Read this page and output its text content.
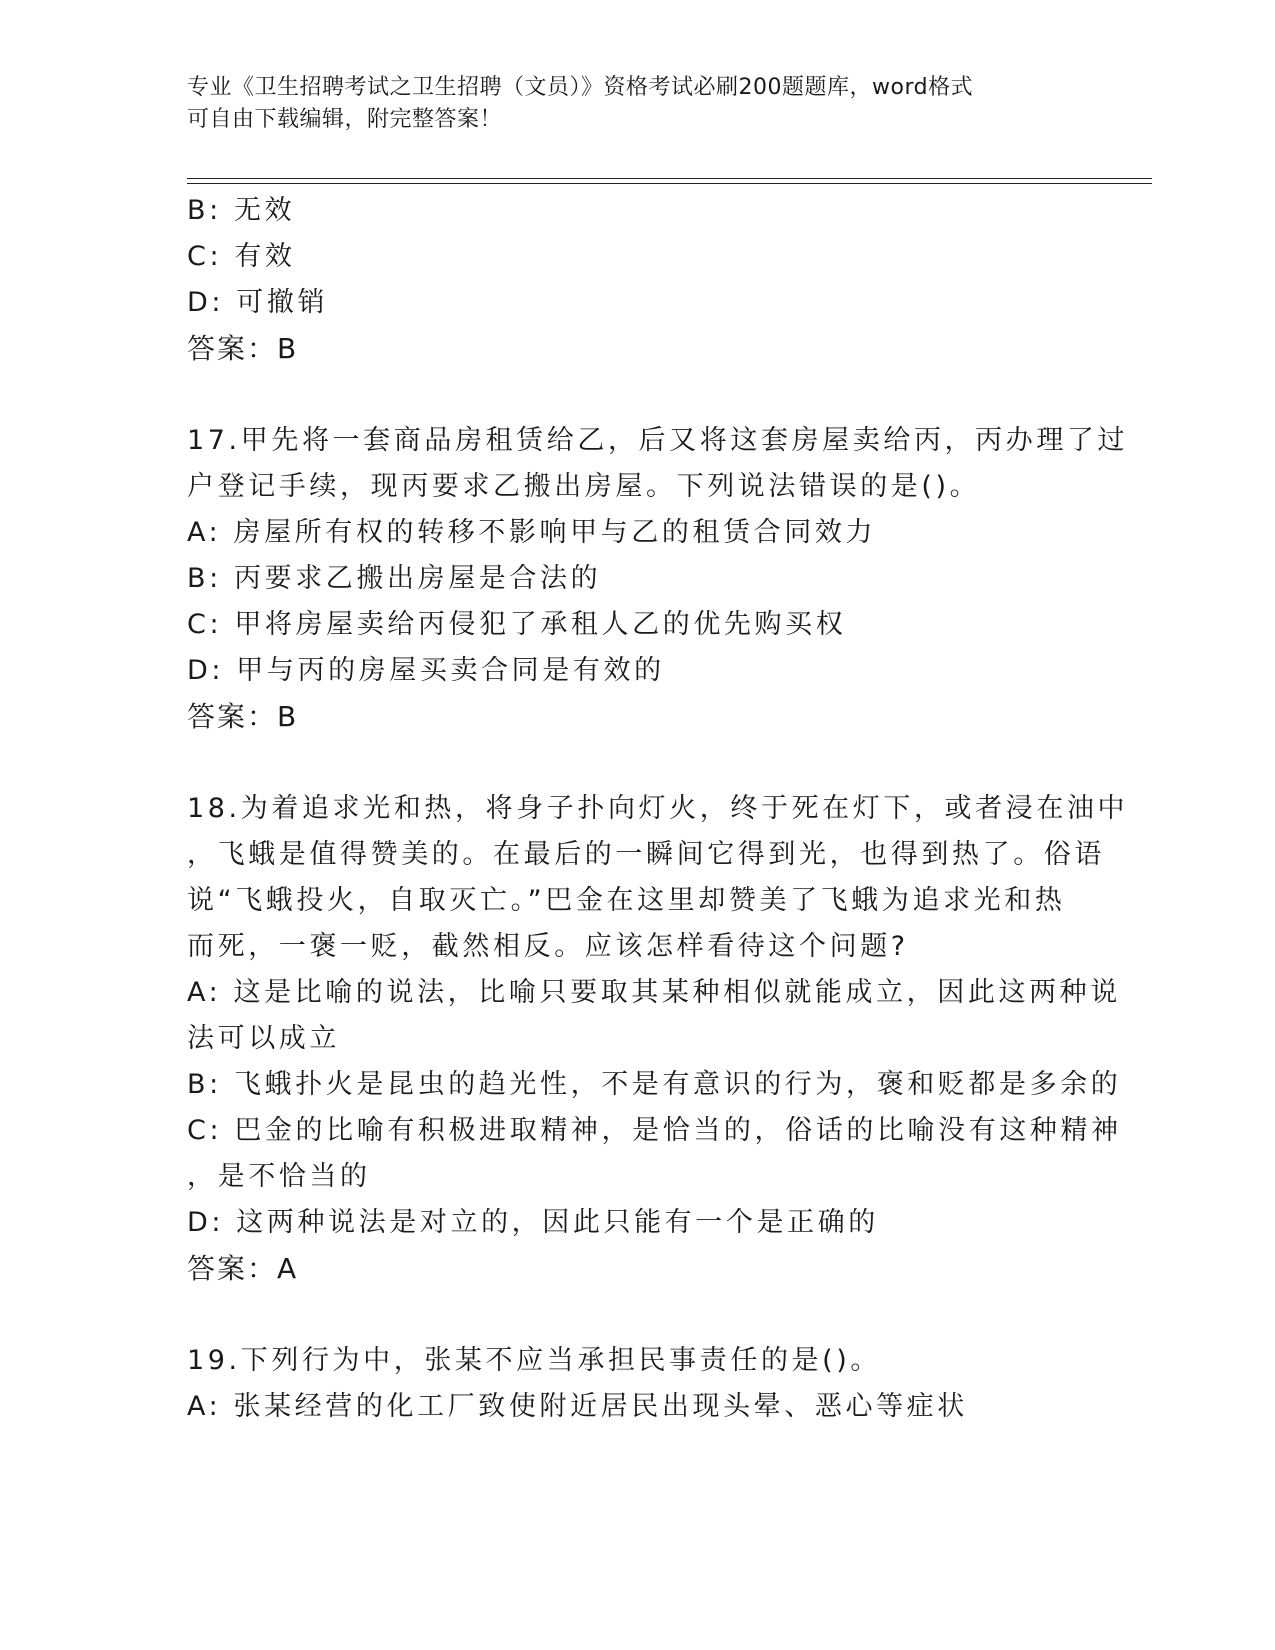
专业《卫生招聘考试之卫生招聘（文员）》资格考试必刷200题题库，word格式
可自由下载编辑，附完整答案！
B: 无效
C: 有效
D: 可撤销
答案：B
17.甲先将一套商品房租赁给乙，后又将这套房屋卖给丙，丙办理了过
户登记手续，现丙要求乙搬出房屋。下列说法错误的是()。
A: 房屋所有权的转移不影响甲与乙的租赁合同效力
B: 丙要求乙搬出房屋是合法的
C: 甲将房屋卖给丙侵犯了承租人乙的优先购买权
D: 甲与丙的房屋买卖合同是有效的
答案：B
18.为着追求光和热，将身子扑向灯火，终于死在灯下，或者浸在油中
，飞蛾是值得赞美的。在最后的一瞬间它得到光，也得到热了。俗语
说“飞蛾投火，自取灭亡。”巴金在这里却赞美了飞蛾为追求光和热
而死，一褒一贬，截然相反。应该怎样看待这个问题?
A: 这是比喻的说法，比喻只要取其某种相似就能成立，因此这两种说
法可以成立
B: 飞蛾扑火是昆虫的趋光性，不是有意识的行为，褒和贬都是多余的
C: 巴金的比喻有积极进取精神，是恰当的，俗话的比喻没有这种精神
，是不恰当的
D: 这两种说法是对立的，因此只能有一个是正确的
答案：A
19.下列行为中，张某不应当承担民事责任的是()。
A: 张某经营的化工厂致使附近居民出现头晕、恶心等症状
